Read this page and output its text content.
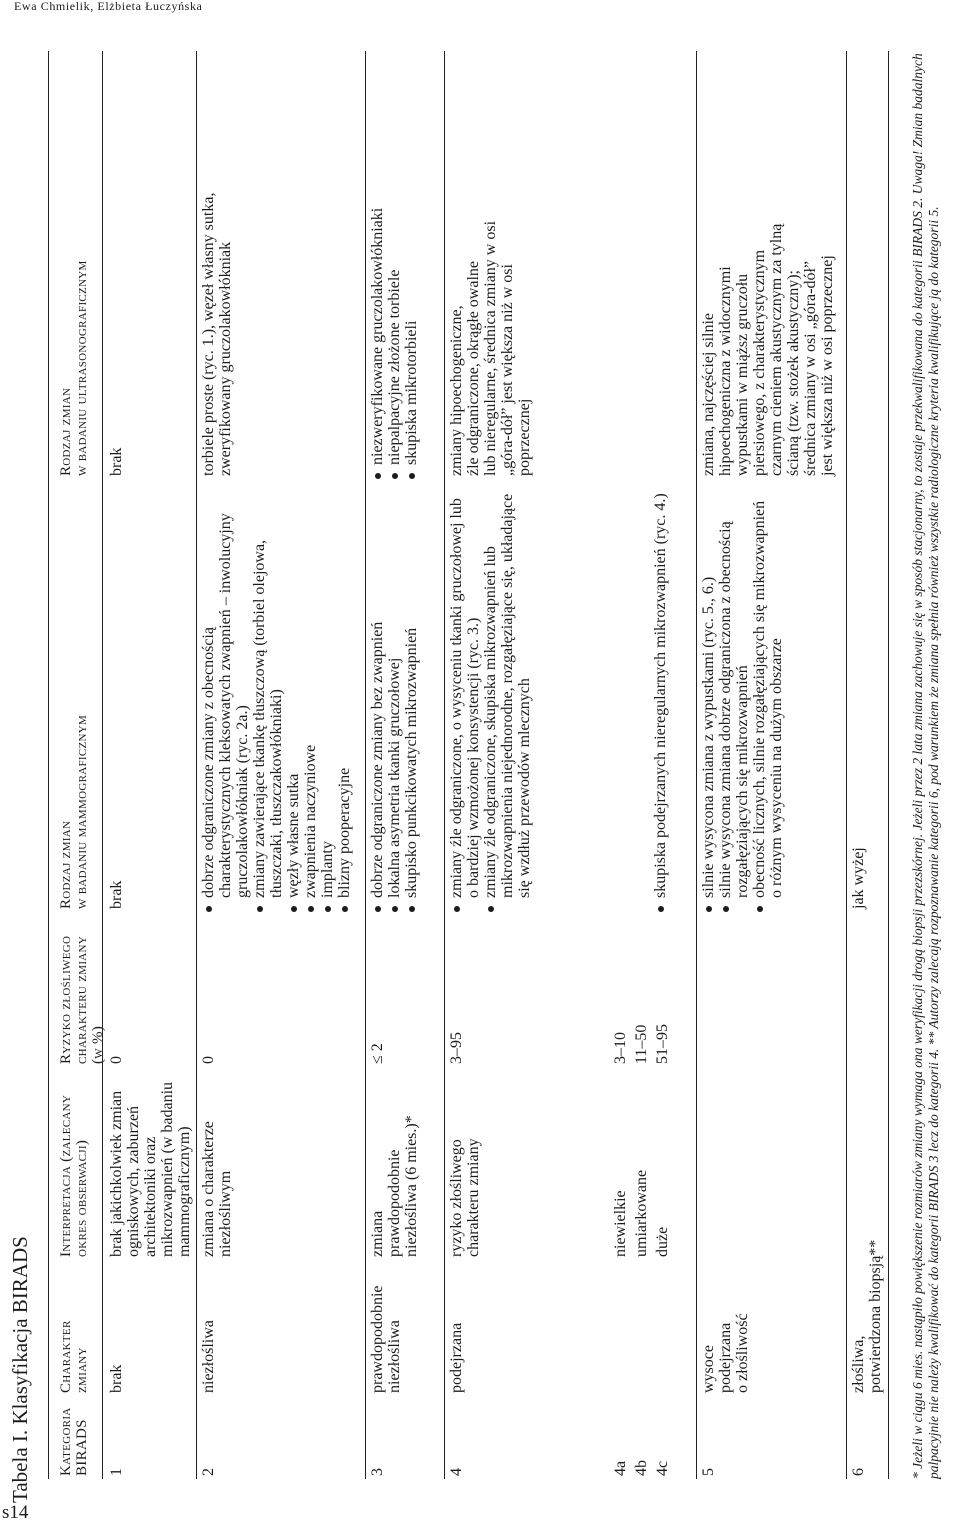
Ewa Chmielik, Elżbieta Łuczyńska
s14
Tabela I. Klasyfikacja BIRADS Kategoria BIRADS
Charakter zmiany
Interpretacja (zalecany okres obserwacji)
Ryzyko złośliwego charakteru zmiany (w %)
Rodzaj zmian w badaniu mammograficznym
Rodzaj zmian w badaniu ultrasonograficznym
1
brak
brak jakichkolwiek zmian ogniskowych, zaburzeń architektoniki oraz mikrozwapnień (w badaniu mammograficznym)
0
brak
brak
2
niezłośliwa
zmiana o charakterze niezłośliwym
0
dobrze odgraniczone zmiany z obecnością charakterystycznych kleksowatych zwapnień – inwolucyjny gruczolakowłókniak (ryc. 2a.) zmiany zawierające tkankę tłuszczową (torbiel olejowa, tłuszczaki, tłuszczakowłókniaki) węzły własne sutka zwapnienia naczyniowe implanty blizny pooperacyjne
torbiele proste (ryc. 1.), węzeł własny sutka, zweryfikowany gruczolakowłókniak
3
prawdopodobnie niezłośliwa
zmiana prawdopodobnie niezłośliwa (6 mies.)*
≤ 2
dobrze odgraniczone zmiany bez zwapnień lokalna asymetria tkanki gruczołowej skupisko punkcikowatych mikrozwapnień
niezweryfikowane gruczolakowłókniaki niepalpacyjne złożone torbiele skupiska mikrotorbieli
4
podejrzana
ryzyko złośliwego charakteru zmiany
3–95
zmiany źle odgraniczone, o wysyceniu tkanki gruczołowej lub o bardziej wzmożonej konsystencji (ryc. 3.) zmiany źle odgraniczone, skupiska mikrozwapnień lub mikrozwapnienia niejednorodne, rozgałęziające się, układające się wzdłuż przewodów mlecznych
zmiany hipoechogeniczne, źle odgraniczone, okrągłe owalne lub nieregularne, średnica zmiany w osi „góra-dół” jest większa niż w osi poprzecznej
4a
niewielkie
3–10
4b
umiarkowane
11–50
4c
duże
51–95
skupiska podejrzanych nieregularnych mikrozwapnień (ryc. 4.)
5
wysoce podejrzana o złośliwość
silnie wysycona zmiana z wypustkami (ryc. 5., 6.) silnie wysycona zmiana dobrze odgraniczona z obecnością rozgałęziających się mikrozwapnień obecność licznych, silnie rozgałęziających się mikrozwapnień o różnym wysyceniu na dużym obszarze
zmiana, najczęściej silnie hipoechogeniczna z widocznymi wypustkami w miąższ gruczołu piersiowego, z charakterystycznym czarnym cieniem akustycznym za tylną ścianą (tzw. stożek akustyczny); średnica zmiany w osi „góra-dół” jest większa niż w osi poprzecznej
6
złośliwa, potwierdzona biopsją**
jak wyżej	* Jeżeli w ciągu 6 mies. nastąpiło powiększenie rozmiarów zmiany wymaga ona weryfikacji drogą biopsji przezskórnej. Jeżeli przez 2 lata zmiana zachowuje się w sposób stacjonarny, to zostaje przekwalifikowana do kategorii BIRADS 2. Uwaga! Zmian badalnych palpacyjnie nie należy kwalifikować do kategorii BIRADS 3 lecz do kategorii 4. ** Autorzy zalecają rozpoznawanie kategorii 6, pod warunkiem że zmiana spełnia również wszystkie radiologiczne kryteria kwalifikujące ją do kategorii 5.
